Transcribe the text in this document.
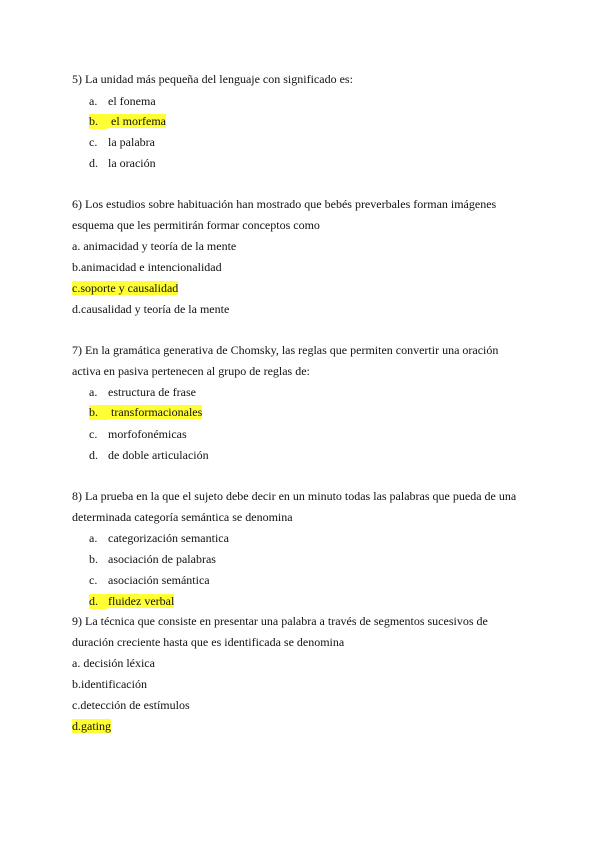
5) La unidad más pequeña del lenguaje con significado es:
a. el fonema
b. el morfema
c. la palabra
d. la oración
6) Los estudios sobre habituación han mostrado que bebés preverbales forman imágenes
esquema que les permitirán formar conceptos como
a. animacidad y teoría de la mente
b.animacidad e intencionalidad
c.soporte y causalidad
d.causalidad y teoría de la mente
7) En la gramática generativa de Chomsky, las reglas que permiten convertir una oración
activa en pasiva pertenecen al grupo de reglas de:
a. estructura de frase
b. transformacionales
c. morfofonémicas
d. de doble articulación
8) La prueba en la que el sujeto debe decir en un minuto todas las palabras que pueda de una
determinada categoría semántica se denomina
a. categorización semantica
b. asociación de palabras
c. asociación semántica
d. fluidez verbal
9) La técnica que consiste en presentar una palabra a través de segmentos sucesivos de
duración creciente hasta que es identificada se denomina
a. decisión léxica
b.identificación
c.detección de estímulos
d.gating
